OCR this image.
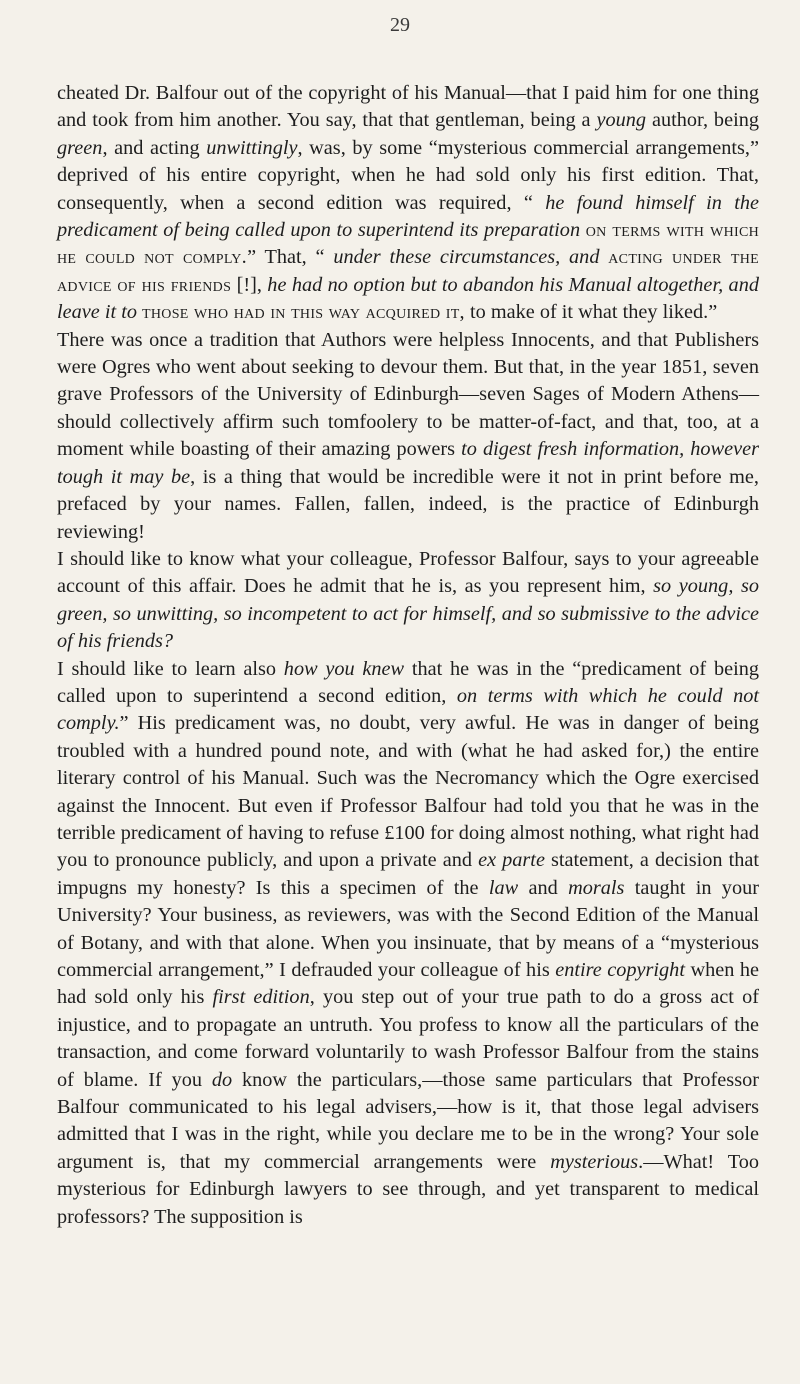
29

cheated Dr. Balfour out of the copyright of his Manual—that I paid him for one thing and took from him another. You say, that that gentleman, being a young author, being green, and acting unwittingly, was, by some “mysterious commercial arrangements,” deprived of his entire copyright, when he had sold only his first edition. That, consequently, when a second edition was required, “ he found himself in the predicament of being called upon to superintend its preparation on terms with which he could not comply.” That, “ under these circumstances, and acting under the advice of his friends [!], he had no option but to abandon his Manual altogether, and leave it to those who had in this way acquired it, to make of it what they liked.”

There was once a tradition that Authors were helpless Innocents, and that Publishers were Ogres who went about seeking to devour them. But that, in the year 1851, seven grave Professors of the University of Edinburgh—seven Sages of Modern Athens—should collectively affirm such tomfoolery to be matter-of-fact, and that, too, at a moment while boasting of their amazing powers to digest fresh information, however tough it may be, is a thing that would be incredible were it not in print before me, prefaced by your names. Fallen, fallen, indeed, is the practice of Edinburgh reviewing!

I should like to know what your colleague, Professor Balfour, says to your agreeable account of this affair. Does he admit that he is, as you represent him, so young, so green, so unwitting, so incompetent to act for himself, and so submissive to the advice of his friends?

I should like to learn also how you knew that he was in the “predicament of being called upon to superintend a second edition, on terms with which he could not comply.” His predicament was, no doubt, very awful. He was in danger of being troubled with a hundred pound note, and with (what he had asked for,) the entire literary control of his Manual. Such was the Necromancy which the Ogre exercised against the Innocent. But even if Professor Balfour had told you that he was in the terrible predicament of having to refuse £100 for doing almost nothing, what right had you to pronounce publicly, and upon a private and ex parte statement, a decision that impugns my honesty? Is this a specimen of the law and morals taught in your University? Your business, as reviewers, was with the Second Edition of the Manual of Botany, and with that alone. When you insinuate, that by means of a “mysterious commercial arrangement,” I defrauded your colleague of his entire copyright when he had sold only his first edition, you step out of your true path to do a gross act of injustice, and to propagate an untruth. You profess to know all the particulars of the transaction, and come forward voluntarily to wash Professor Balfour from the stains of blame. If you do know the particulars,—those same particulars that Professor Balfour communicated to his legal advisers,—how is it, that those legal advisers admitted that I was in the right, while you declare me to be in the wrong? Your sole argument is, that my commercial arrangements were mysterious.—What! Too mysterious for Edinburgh lawyers to see through, and yet transparent to medical professors? The supposition is
